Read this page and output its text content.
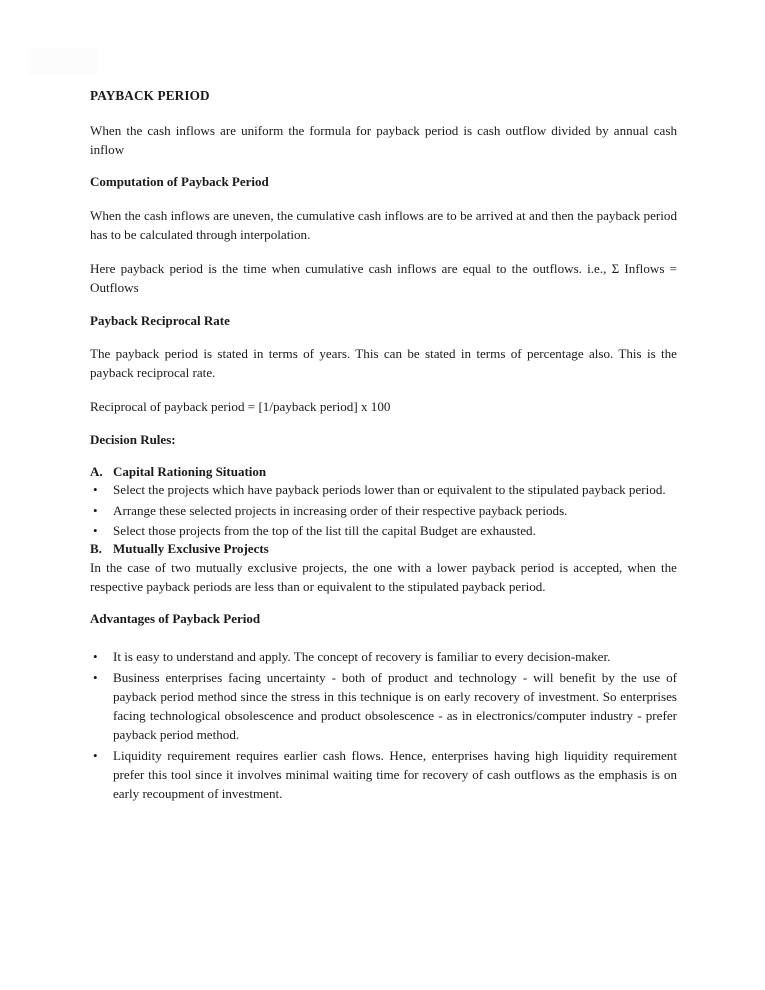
PAYBACK PERIOD

When the cash inflows are uniform the formula for payback period is cash outflow divided by annual cash inflow

Computation of Payback Period

When the cash inflows are uneven, the cumulative cash inflows are to be arrived at and then the payback period has to be calculated through interpolation.

Here payback period is the time when cumulative cash inflows are equal to the outflows. i.e., Σ Inflows = Outflows

Payback Reciprocal Rate

The payback period is stated in terms of years. This can be stated in terms of percentage also. This is the payback reciprocal rate.

Reciprocal of payback period = [1/payback period] x 100

Decision Rules:
A. Capital Rationing Situation
•	Select the projects which have payback periods lower than or equivalent to the stipulated payback period.
•	Arrange these selected projects in increasing order of their respective payback periods.
•	Select those projects from the top of the list till the capital Budget are exhausted.
B. Mutually Exclusive Projects

In the case of two mutually exclusive projects, the one with a lower payback period is accepted, when the respective payback periods are less than or equivalent to the stipulated payback period.

Advantages of Payback Period
•	It is easy to understand and apply. The concept of recovery is familiar to every decision-maker.
•	Business enterprises facing uncertainty - both of product and technology - will benefit by the use of payback period method since the stress in this technique is on early recovery of investment. So enterprises facing technological obsolescence and product obsolescence - as in electronics/computer industry - prefer payback period method.
•	Liquidity requirement requires earlier cash flows. Hence, enterprises having high liquidity requirement prefer this tool since it involves minimal waiting time for recovery of cash outflows as the emphasis is on early recoupment of investment.
